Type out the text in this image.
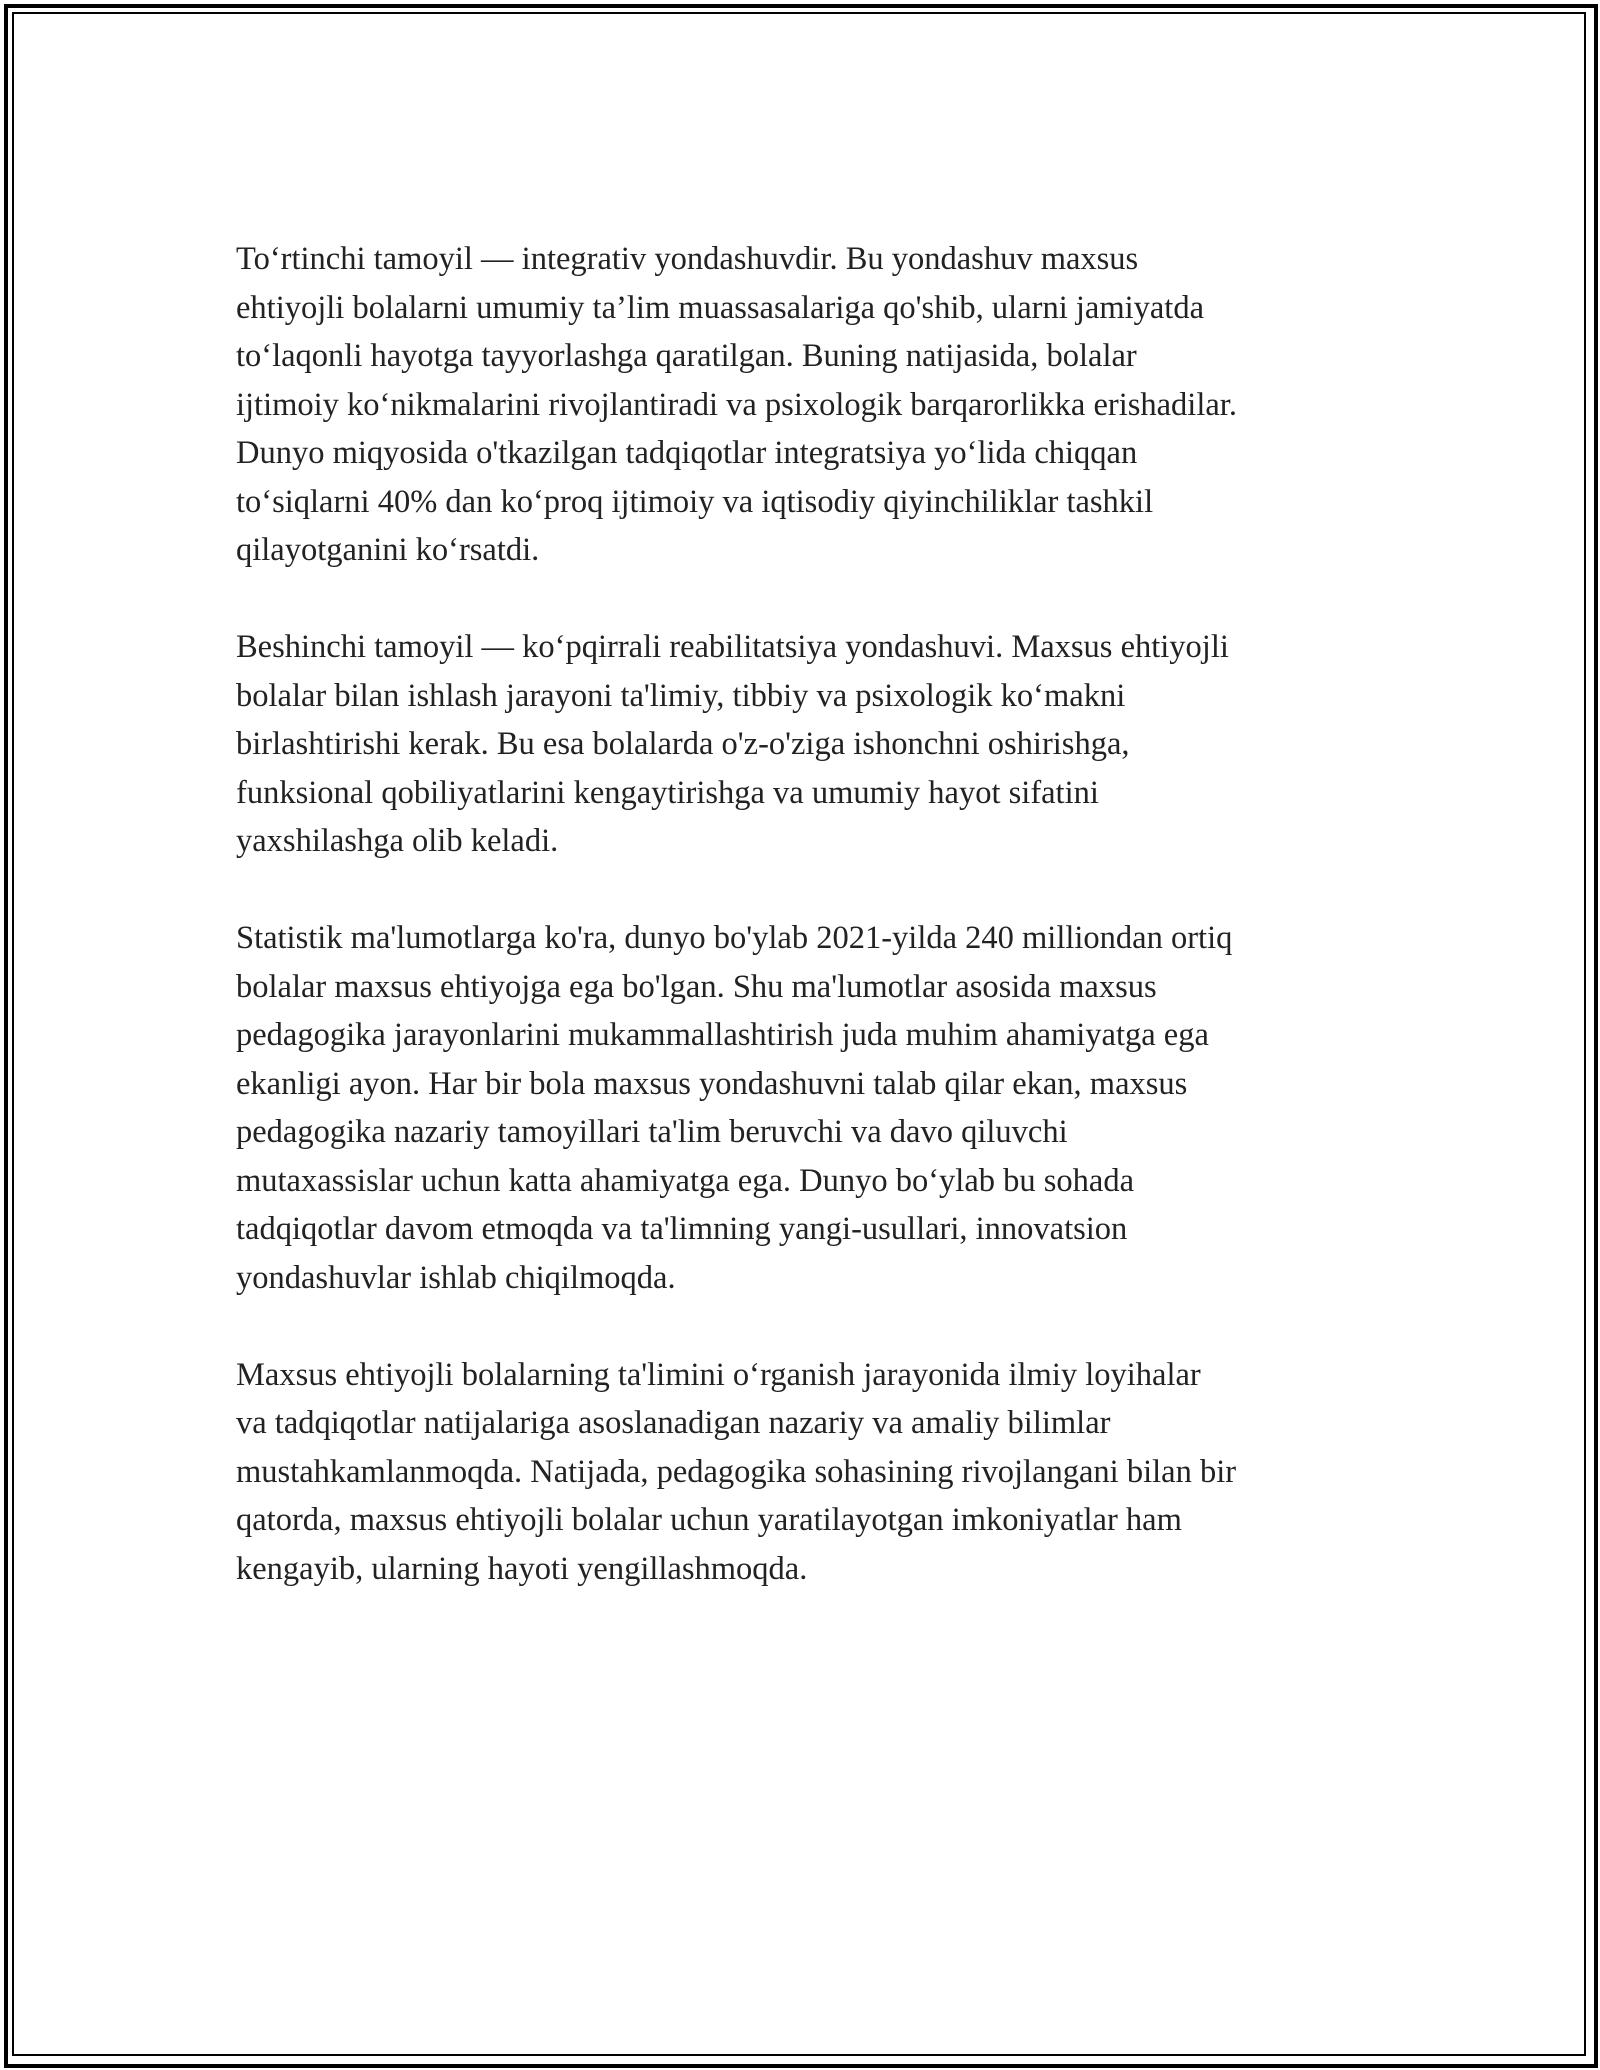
To‘rtinchi tamoyil — integrativ yondashuvdir. Bu yondashuv maxsus
ehtiyojli bolalarni umumiy ta’lim muassasalariga qo'shib, ularni jamiyatda
to‘laqonli hayotga tayyorlashga qaratilgan. Buning natijasida, bolalar
ijtimoiy ko‘nikmalarini rivojlantiradi va psixologik barqarorlikka erishadilar.
Dunyo miqyosida o'tkazilgan tadqiqotlar integratsiya yo‘lida chiqqan
to‘siqlarni 40% dan ko‘proq ijtimoiy va iqtisodiy qiyinchiliklar tashkil
qilayotganini ko‘rsatdi.

Beshinchi tamoyil — ko‘pqirrali reabilitatsiya yondashuvi. Maxsus ehtiyojli
bolalar bilan ishlash jarayoni ta'limiy, tibbiy va psixologik ko‘makni
birlashtirishi kerak. Bu esa bolalarda o'z-o'ziga ishonchni oshirishga,
funksional qobiliyatlarini kengaytirishga va umumiy hayot sifatini
yaxshilashga olib keladi.

Statistik ma'lumotlarga ko'ra, dunyo bo'ylab 2021-yilda 240 milliondan ortiq
bolalar maxsus ehtiyojga ega bo'lgan. Shu ma'lumotlar asosida maxsus
pedagogika jarayonlarini mukammallashtirish juda muhim ahamiyatga ega
ekanligi ayon. Har bir bola maxsus yondashuvni talab qilar ekan, maxsus
pedagogika nazariy tamoyillari ta'lim beruvchi va davo qiluvchi
mutaxassislar uchun katta ahamiyatga ega. Dunyo bo‘ylab bu sohada
tadqiqotlar davom etmoqda va ta'limning yangi-usullari, innovatsion
yondashuvlar ishlab chiqilmoqda.

Maxsus ehtiyojli bolalarning ta'limini o‘rganish jarayonida ilmiy loyihalar
va tadqiqotlar natijalariga asoslanadigan nazariy va amaliy bilimlar
mustahkamlanmoqda. Natijada, pedagogika sohasining rivojlangani bilan bir
qatorda, maxsus ehtiyojli bolalar uchun yaratilayotgan imkoniyatlar ham
kengayib, ularning hayoti yengillashmoqda.
